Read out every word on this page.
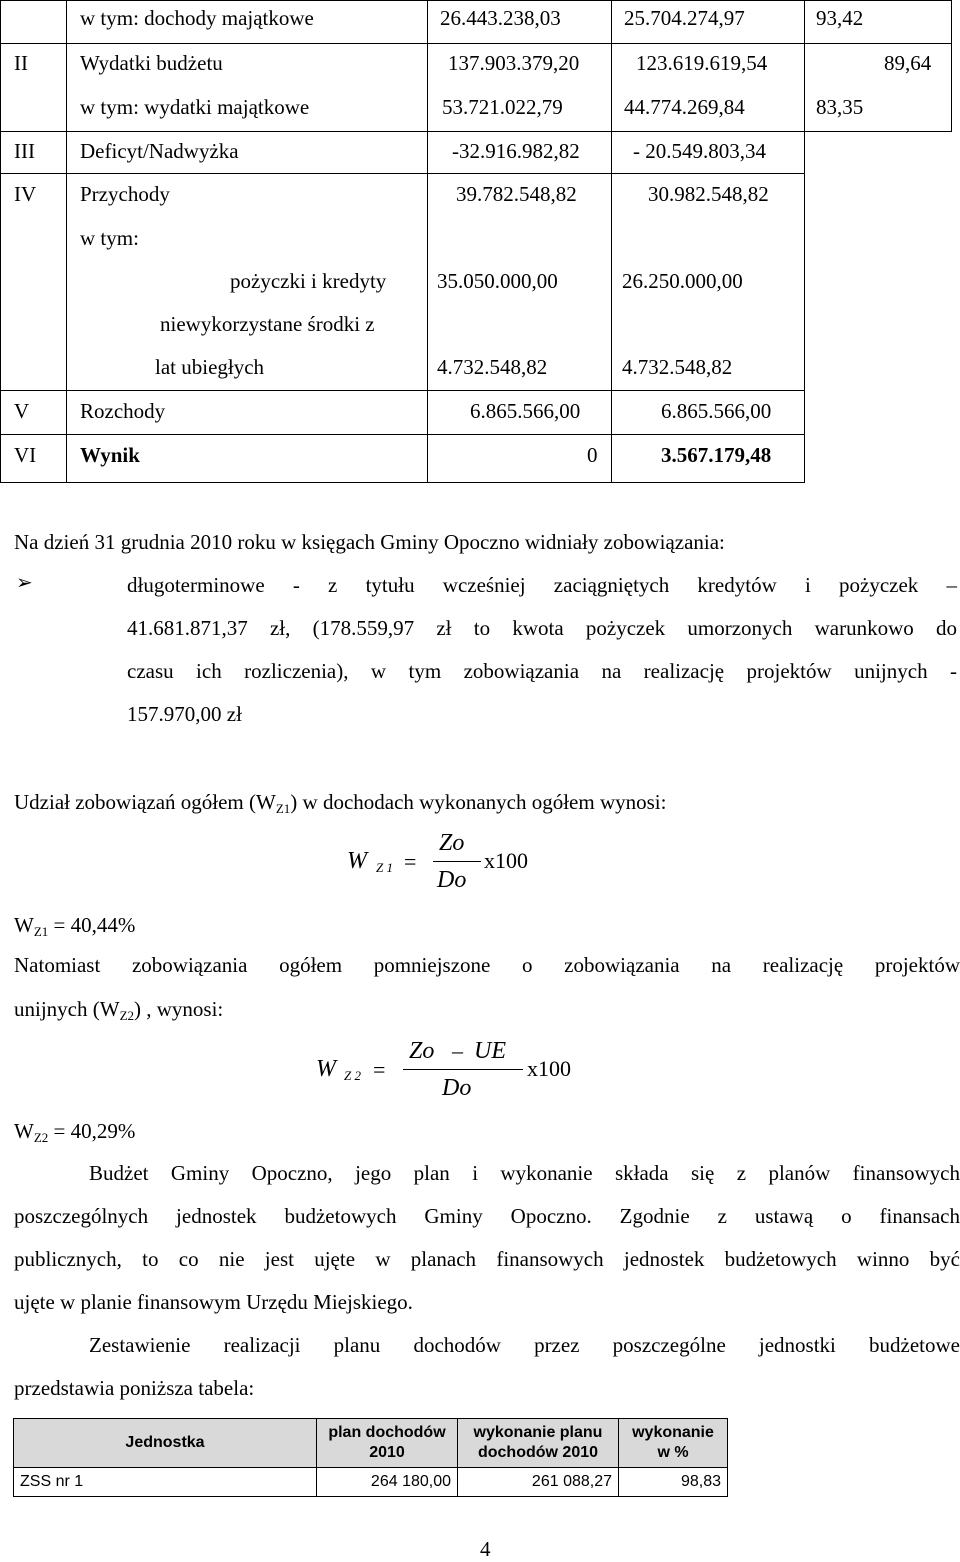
w tym: dochody majątkowe	26.443.238,03	25.704.274,97	93,42
II Wydatki budżetu	137.903.379,20	123.619.619,54	89,64
w tym: wydatki majątkowe	53.721.022,79	44.774.269,84	83,35
III Deficyt/Nadwyżka	-32.916.982,82	- 20.549.803,34
IV Przychody	39.782.548,82	30.982.548,82
w tym:
pożyczki i kredyty 35.050.000,00	26.250.000,00
niewykorzystane środki z
lat ubiegłych	4.732.548,82	4.732.548,82
V Rozchody	6.865.566,00	6.865.566,00
VI Wynik	0	3.567.179,48
Na dzień 31 grudnia 2010 roku w księgach Gminy Opoczno widniały zobowiązania:
➢	długoterminowe - z tytułu wcześniej zaciągniętych kredytów i pożyczek –
41.681.871,37 zł, (178.559,97 zł to kwota pożyczek umorzonych warunkowo do
czasu ich rozliczenia), w tym zobowiązania na realizację projektów unijnych -
157.970,00 zł
Udział zobowiązań ogółem $(W_{Z1})$ w dochodach wykonanych ogółem wynosi:
W Z 1 =
Zo
Do
x100
$W_{Z1} = 40,44\%$
Natomiast zobowiązania ogółem pomniejszone o zobowiązania na realizację projektów
unijnych $(W_{Z2})$ , wynosi:
W Z 2 =
Zo – UE
Do
x100
$W_{Z2} = 40,29\%$
Budżet Gminy Opoczno, jego plan i wykonanie składa się z planów finansowych
poszczególnych jednostek budżetowych Gminy Opoczno. Zgodnie z ustawą o finansach
publicznych, to co nie jest ujęte w planach finansowych jednostek budżetowych winno być
ujęte w planie finansowym Urzędu Miejskiego.
Zestawienie realizacji planu dochodów przez poszczególne jednostki budżetowe
przedstawia poniższa tabela:
Jednostka	plan dochodów 2010	wykonanie planu dochodów 2010	wykonanie w %
ZSS nr 1	264 180,00	261 088,27	98,83
4
